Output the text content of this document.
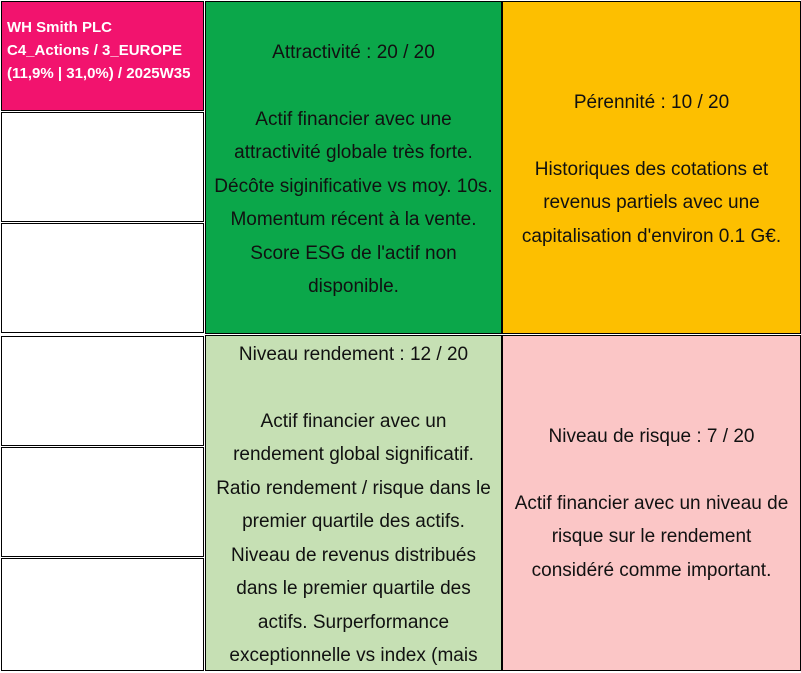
WH Smith PLC
C4_Actions / 3_EUROPE
(11,9% | 31,0%) / 2025W35
Attractivité : 20 / 20
Actif financier avec une
attractivité globale très forte.
Décôte siginificative vs moy. 10s.
Momentum récent à la vente.
Score ESG de l'actif non
disponible.
Pérennité : 10 / 20
Historiques des cotations et
revenus partiels avec une
capitalisation d'environ 0.1 G€.
Niveau rendement : 12 / 20
Actif financier avec un
rendement global significatif.
Ratio rendement / risque dans le
premier quartile des actifs.
Niveau de revenus distribués
dans le premier quartile des
actifs. Surperformance
exceptionnelle vs index (mais
Niveau de risque : 7 / 20
Actif financier avec un niveau de
risque sur le rendement
considéré comme important.
